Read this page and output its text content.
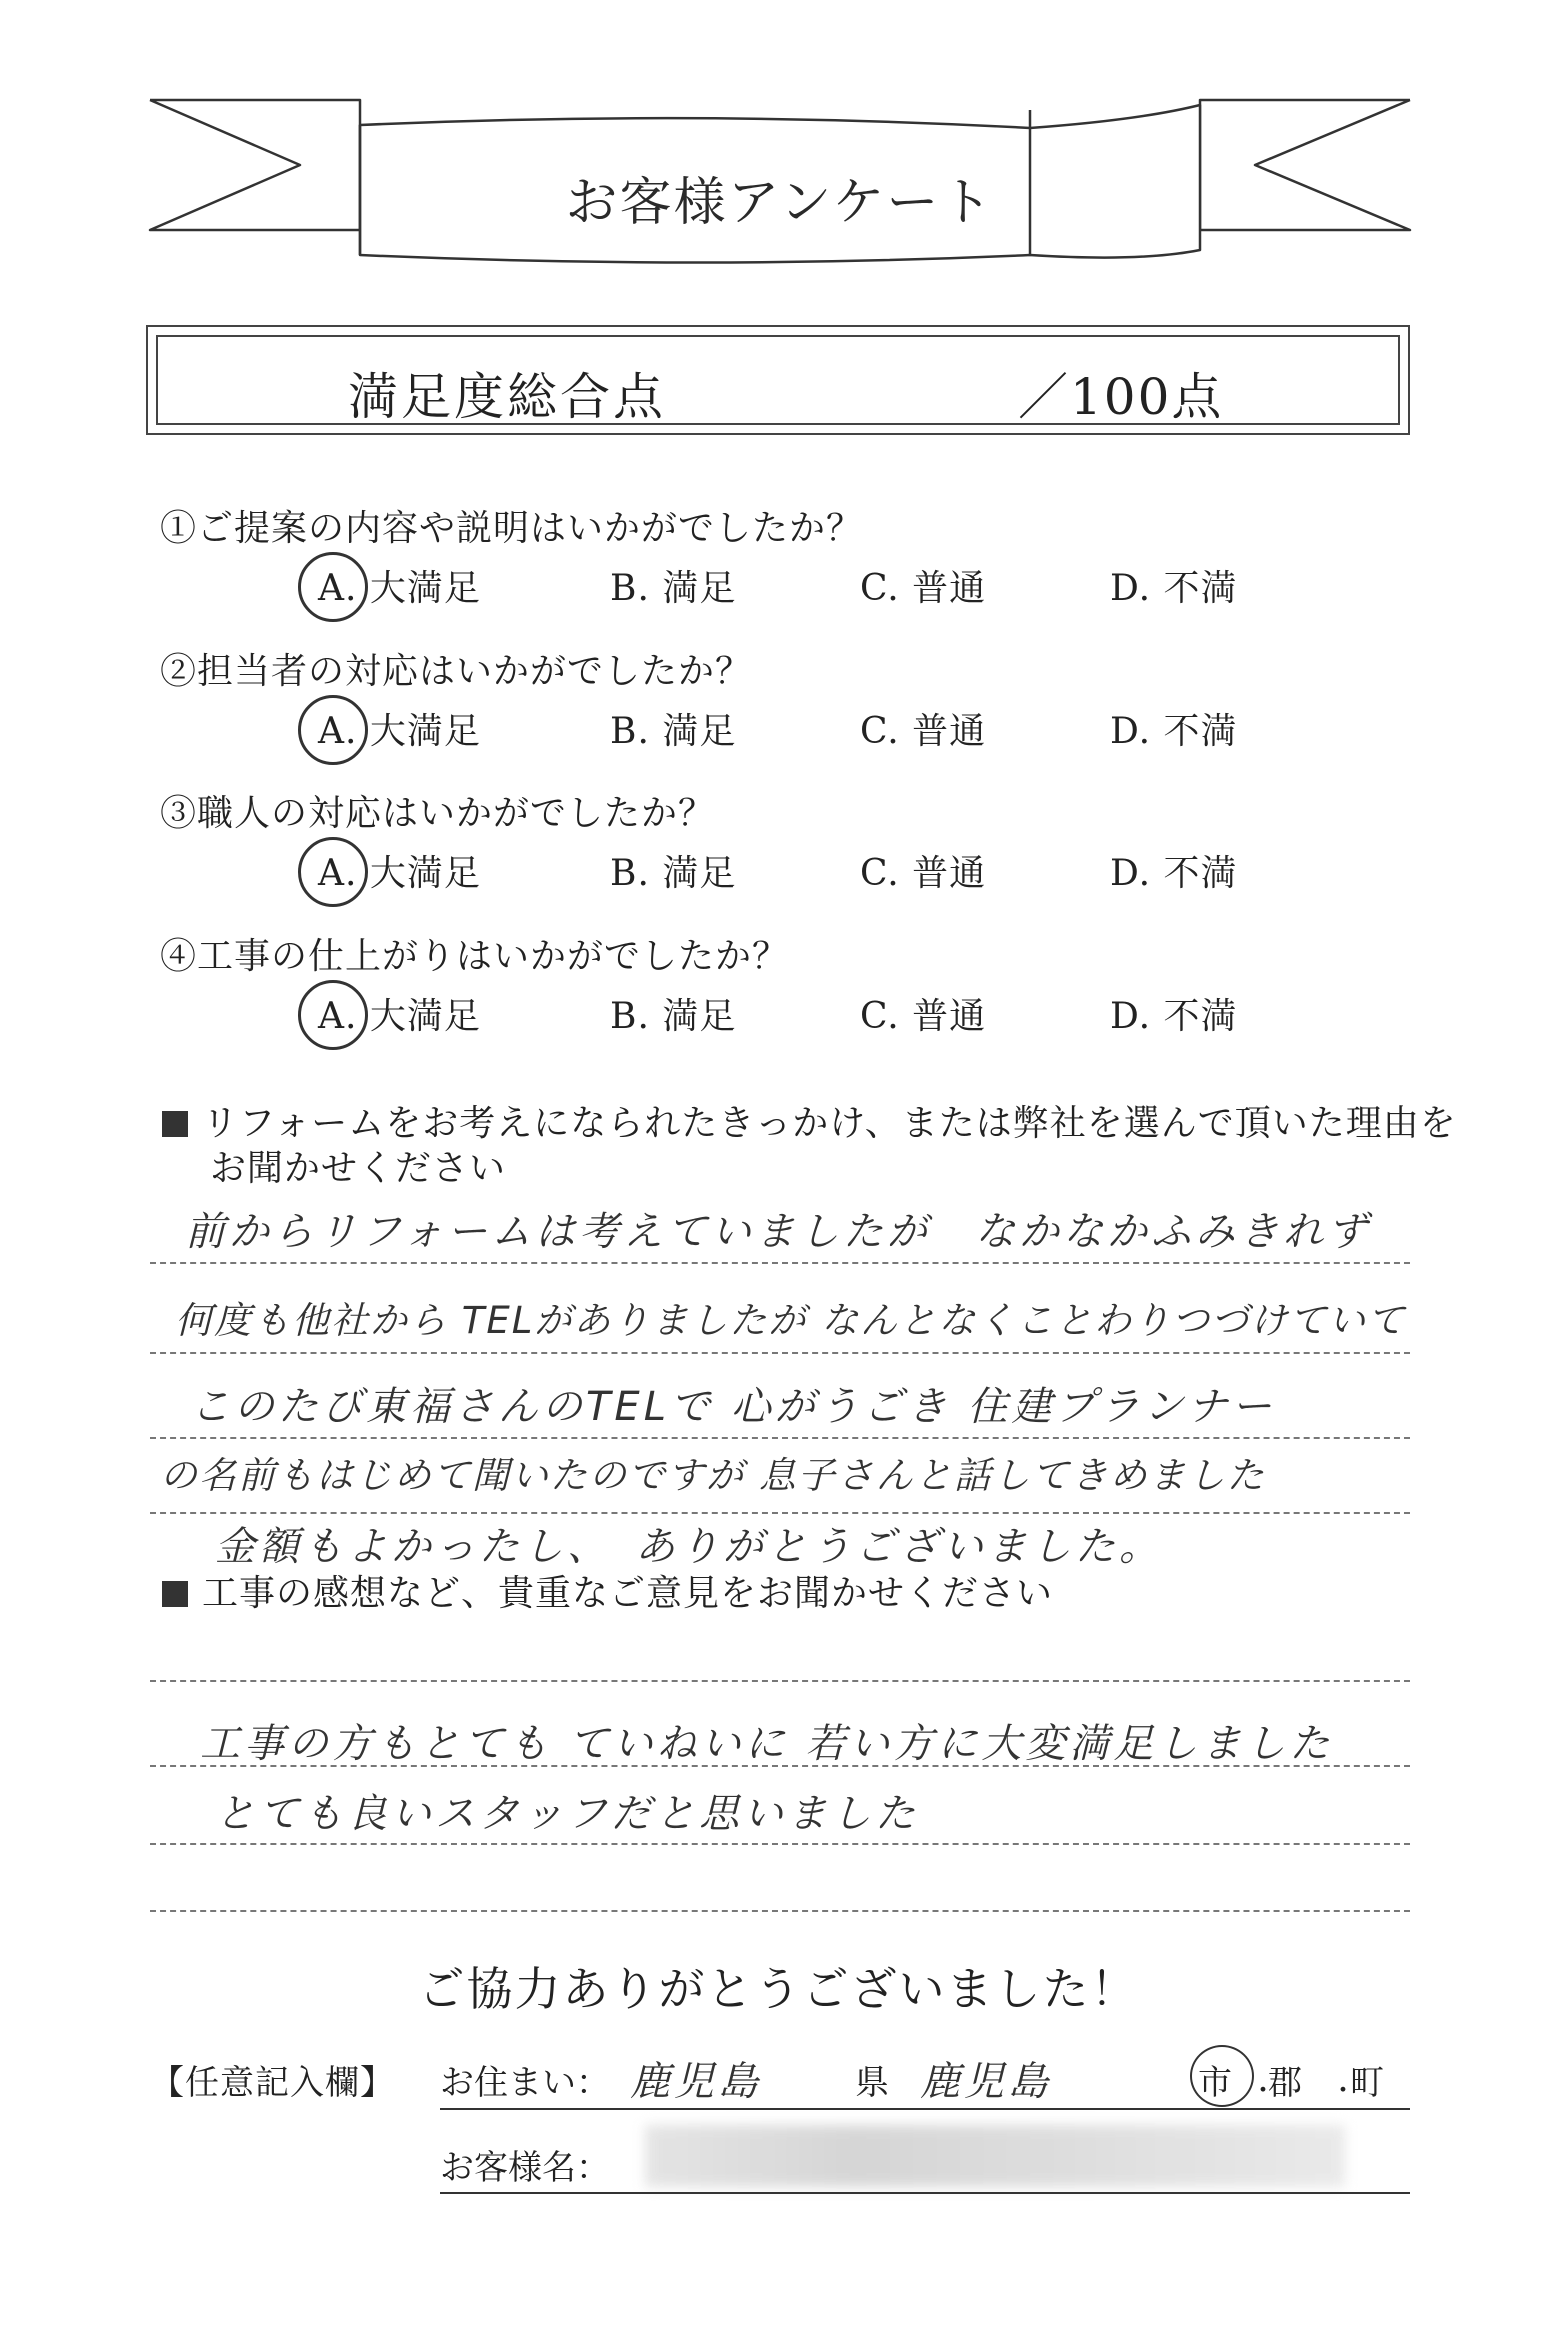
お客様アンケート
満足度総合点	／100点
①ご提案の内容や説明はいかがでしたか？
A. 大満足	B. 満足	C. 普通	D. 不満
②担当者の対応はいかがでしたか？
A. 大満足	B. 満足	C. 普通	D. 不満
③職人の対応はいかがでしたか？
A. 大満足	B. 満足	C. 普通	D. 不満
④工事の仕上がりはいかがでしたか？
A. 大満足	B. 満足	C. 普通	D. 不満
リフォームをお考えになられたきっかけ、または弊社を選んで頂いた理由を
お聞かせください
前からリフォームは考えていましたが　なかなかふみきれず
何度も他社から TELがありましたが なんとなくことわりつづけていて
このたび東福さんのTELで 心がうごき 住建プランナー
の名前もはじめて聞いたのですが 息子さんと話してきめました
金額もよかったし、　ありがとうございました。
工事の感想など、貴重なご意見をお聞かせください
工事の方もとても ていねいに 若い方に大変満足しました
とても良いスタッフだと思いました
ご協力ありがとうございました！
【任意記入欄】 お住まい： 鹿児島	県 鹿児島	市 ・
郡 ・
町
お客様名：
